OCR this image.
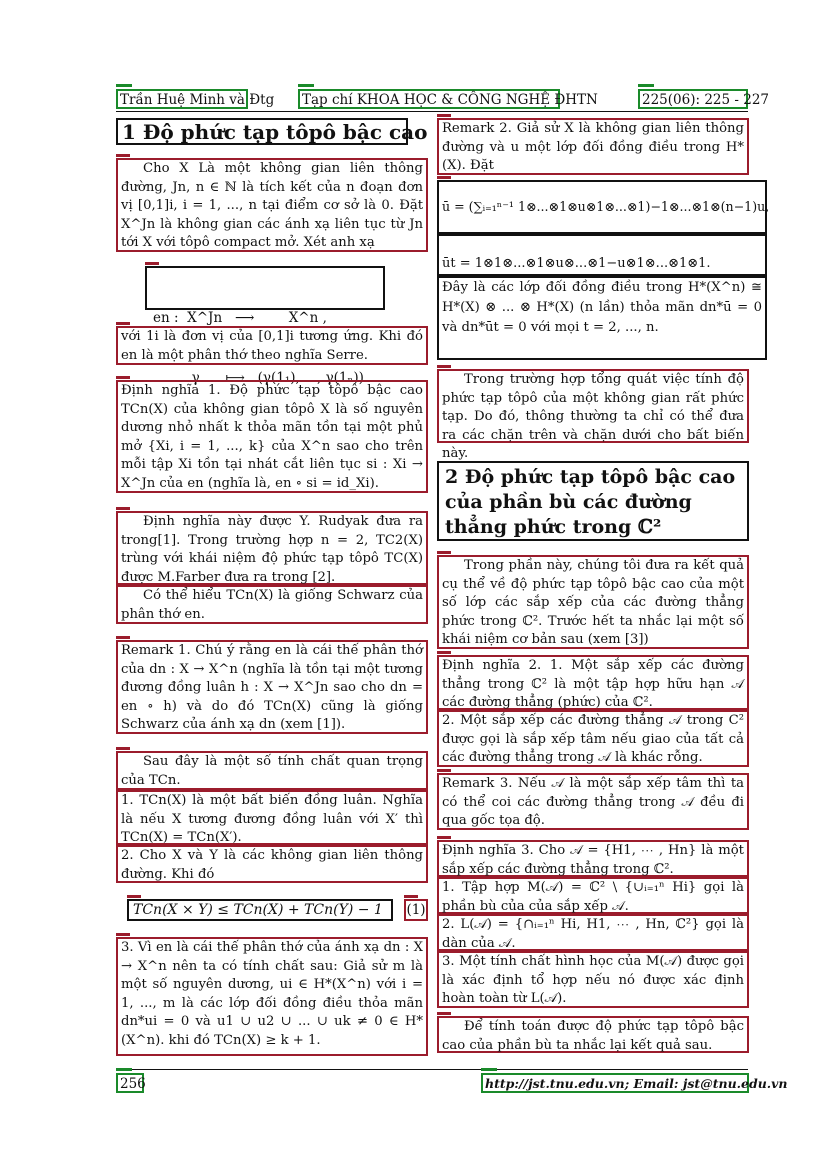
Trần Huệ Minh và Đtg Tạp chí KHOA HỌC & CÔNG NGHỆ ĐHTN	225(06): 225 - 227
1 Độ phức tạp tôpô bậc cao
Cho X Là một không gian liên thông đường, Jn, n ∈ ℕ là tích kết của n đoạn đơn vị [0,1]i, i = 1, ..., n tại điểm cơ sở là 0. Đặt X^Jn là không gian các ánh xạ liên tục từ Jn tới X với tôpô compact mở. Xét anh xạ

en :  X^Jn   ⟶        X^n ,

γ      ⟼   (γ(1₁), ..., γ(1ₙ))

với 1i là đơn vị của [0,1]i tương ứng. Khi đó en là một phân thớ theo nghĩa Serre.
Định nghĩa 1. Độ phức tạp tôpô bậc cao TCn(X) của không gian tôpô X là số nguyên dương nhỏ nhất k thỏa mãn tồn tại một phủ mở {Xi, i = 1, ..., k} của X^n sao cho trên mỗi tập Xi tồn tại nhát cắt liên tục si : Xi → X^Jn của en (nghĩa là, en ∘ si = id_Xi).
Định nghĩa này được Y. Rudyak đưa ra trong[1]. Trong trường hợp n = 2, TC2(X) trùng với khái niệm độ phức tạp tôpô TC(X) được M.Farber đưa ra trong [2].
Có thể hiểu TCn(X) là giống Schwarz của phân thớ en.
Remark 1. Chú ý rằng en là cái thế phân thớ của dn : X → X^n (nghĩa là tồn tại một tương đương đồng luân h : X → X^Jn sao cho dn = en ∘ h) và do đó TCn(X) cũng là giống Schwarz của ánh xạ dn (xem [1]).
Sau đây là một số tính chất quan trọng của TCn.
1. TCn(X) là một bất biến đồng luân. Nghĩa là nếu X tương đương đồng luân với X′ thì TCn(X) = TCn(X′).
2. Cho X và Y là các không gian liên thông đường. Khi đó
TCn(X × Y) ≤ TCn(X) + TCn(Y) − 1	(1)
3. Vì en là cái thế phân thớ của ánh xạ dn : X → X^n nên ta có tính chất sau: Giả sử m là một số nguyên dương, ui ∈ H*(X^n) với i = 1, ..., m là các lớp đối đồng điều thỏa mãn dn*ui = 0 và u1 ∪ u2 ∪ ... ∪ uk ≠ 0 ∈ H*(X^n). khi đó TCn(X) ≥ k + 1.
Remark 2. Giả sử X là không gian liên thông đường và u một lớp đối đồng điều trong H*(X). Đặt
ū = (∑ᵢ₌₁ⁿ⁻¹ 1⊗...⊗1⊗u⊗1⊗...⊗1)−1⊗...⊗1⊗(n−1)u,
ūt = 1⊗1⊗...⊗1⊗u⊗...⊗1−u⊗1⊗...⊗1⊗1.
Đây là các lớp đối đồng điều trong H*(X^n) ≅ H*(X) ⊗ ... ⊗ H*(X) (n lần) thỏa mãn dn*ū = 0 và dn*ūt = 0 với mọi t = 2, ..., n.
Trong trường hợp tổng quát việc tính độ phức tạp tôpô của một không gian rất phức tạp. Do đó, thông thường ta chỉ có thể đưa ra các chặn trên và chặn dưới cho bất biến này.
2 Độ phức tạp tôpô bậc cao của phần bù các đường thẳng phức trong ℂ²
Trong phần này, chúng tôi đưa ra kết quả cụ thể về độ phức tạp tôpô bậc cao của một số lớp các sắp xếp của các đường thẳng phức trong ℂ². Trước hết ta nhắc lại một số khái niệm cơ bản sau (xem [3])
Định nghĩa 2. 1. Một sắp xếp các đường thẳng trong ℂ² là một tập hợp hữu hạn 𝒜 các đường thẳng (phức) của ℂ².
2. Một sắp xếp các đường thẳng 𝒜 trong C² được gọi là sắp xếp tâm nếu giao của tất cả các đường thẳng trong 𝒜 là khác rỗng.
Remark 3. Nếu 𝒜 là một sắp xếp tâm thì ta có thể coi các đường thẳng trong 𝒜 đều đi qua gốc tọa độ.
Định nghĩa 3. Cho 𝒜 = {H1, ⋯ , Hn} là một sắp xếp các đường thẳng trong ℂ².
1. Tập hợp M(𝒜) = ℂ² \ {∪ᵢ₌₁ⁿ Hi} gọi là phần bù của của sắp xếp 𝒜.
2. L(𝒜) = {∩ᵢ₌₁ⁿ Hi, H1, ⋯ , Hn, ℂ²} gọi là dàn của 𝒜.
3. Một tính chất hình học của M(𝒜) được gọi là xác định tổ hợp nếu nó được xác định hoàn toàn từ L(𝒜).
Để tính toán được độ phức tạp tôpô bậc cao của phần bù ta nhắc lại kết quả sau.
256	http://jst.tnu.edu.vn; Email: jst@tnu.edu.vn
